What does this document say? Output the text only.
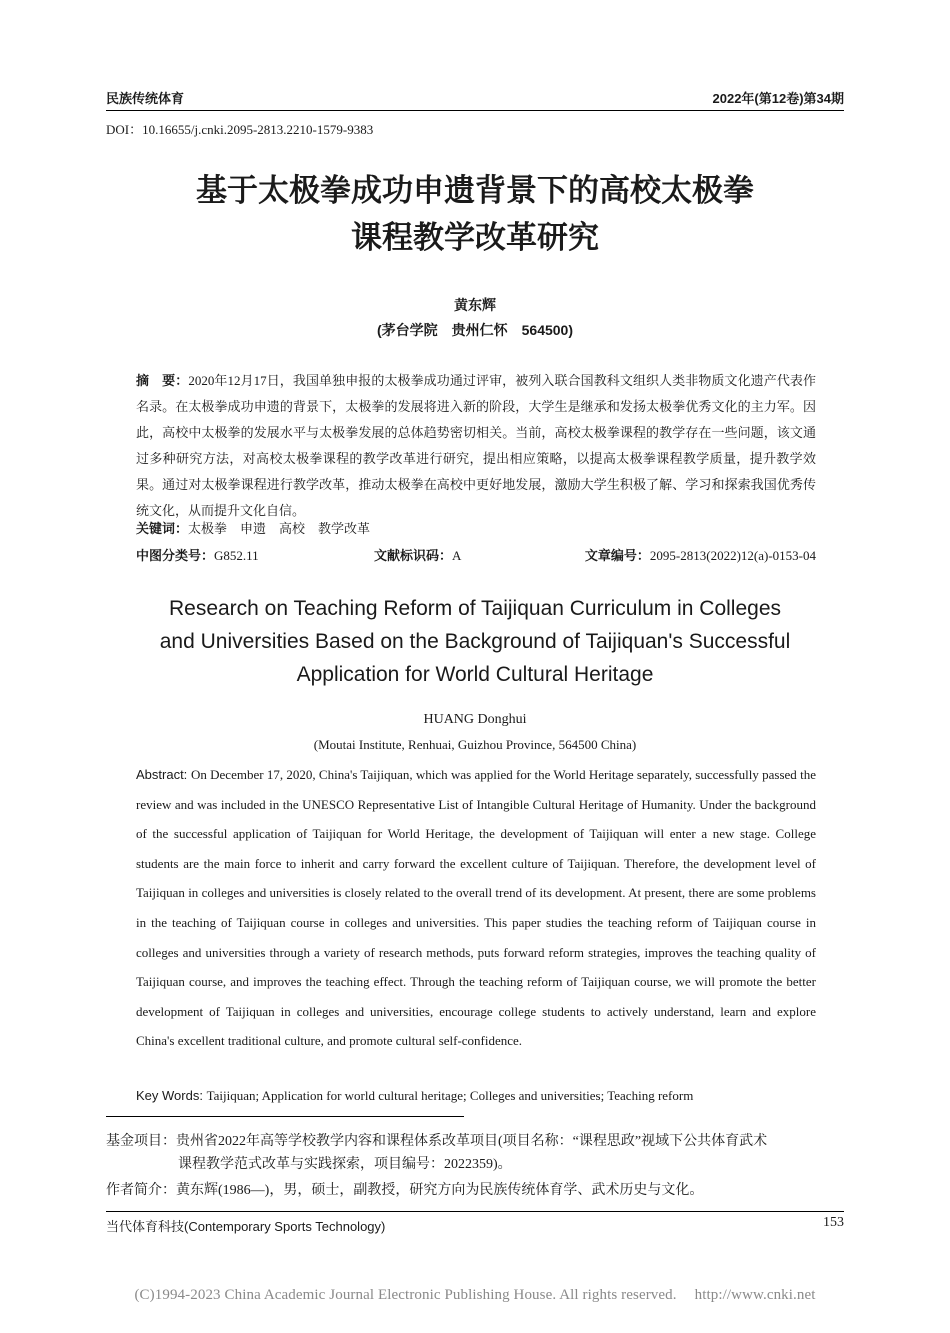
民族传统体育	2022年(第12卷)第34期
DOI：10.16655/j.cnki.2095-2813.2210-1579-9383
基于太极拳成功申遗背景下的高校太极拳
课程教学改革研究
黄东辉
(茅台学院　贵州仁怀　564500)
摘　要：2020年12月17日，我国单独申报的太极拳成功通过评审，被列入联合国教科文组织人类非物质文化遗产代表作名录。在太极拳成功申遗的背景下，太极拳的发展将进入新的阶段，大学生是继承和发扬太极拳优秀文化的主力军。因此，高校中太极拳的发展水平与太极拳发展的总体趋势密切相关。当前，高校太极拳课程的教学存在一些问题，该文通过多种研究方法，对高校太极拳课程的教学改革进行研究，提出相应策略，以提高太极拳课程教学质量，提升教学效果。通过对太极拳课程进行教学改革，推动太极拳在高校中更好地发展，激励大学生积极了解、学习和探索我国优秀传统文化，从而提升文化自信。
关键词：太极拳　申遗　高校　教学改革
中图分类号：G852.11	文献标识码：A	文章编号：2095-2813(2022)12(a)-0153-04
Research on Teaching Reform of Taijiquan Curriculum in Colleges
and Universities Based on the Background of Taijiquan's Successful
Application for World Cultural Heritage
HUANG Donghui
(Moutai Institute, Renhuai, Guizhou Province, 564500 China)
Abstract: On December 17, 2020, China's Taijiquan, which was applied for the World Heritage separately, successfully passed the review and was included in the UNESCO Representative List of Intangible Cultural Heritage of Humanity. Under the background of the successful application of Taijiquan for World Heritage, the development of Taijiquan will enter a new stage. College students are the main force to inherit and carry forward the excellent culture of Taijiquan. Therefore, the development level of Taijiquan in colleges and universities is closely related to the overall trend of its development. At present, there are some problems in the teaching of Taijiquan course in colleges and universities. This paper studies the teaching reform of Taijiquan course in colleges and universities through a variety of research methods, puts forward reform strategies, improves the teaching quality of Taijiquan course, and improves the teaching effect. Through the teaching reform of Taijiquan course, we will promote the better development of Taijiquan in colleges and universities, encourage college students to actively understand, learn and explore China's excellent traditional culture, and promote cultural self-confidence.
Key Words: Taijiquan; Application for world cultural heritage; Colleges and universities; Teaching reform
基金项目：贵州省2022年高等学校教学内容和课程体系改革项目(项目名称：“课程思政”视域下公共体育武术
课程教学范式改革与实践探索，项目编号：2022359)。
作者简介：黄东辉(1986—)，男，硕士，副教授，研究方向为民族传统体育学、武术历史与文化。
当代体育科技(Contemporary Sports Technology)	153
(C)1994-2023 China Academic Journal Electronic Publishing House. All rights reserved. http://www.cnki.net
